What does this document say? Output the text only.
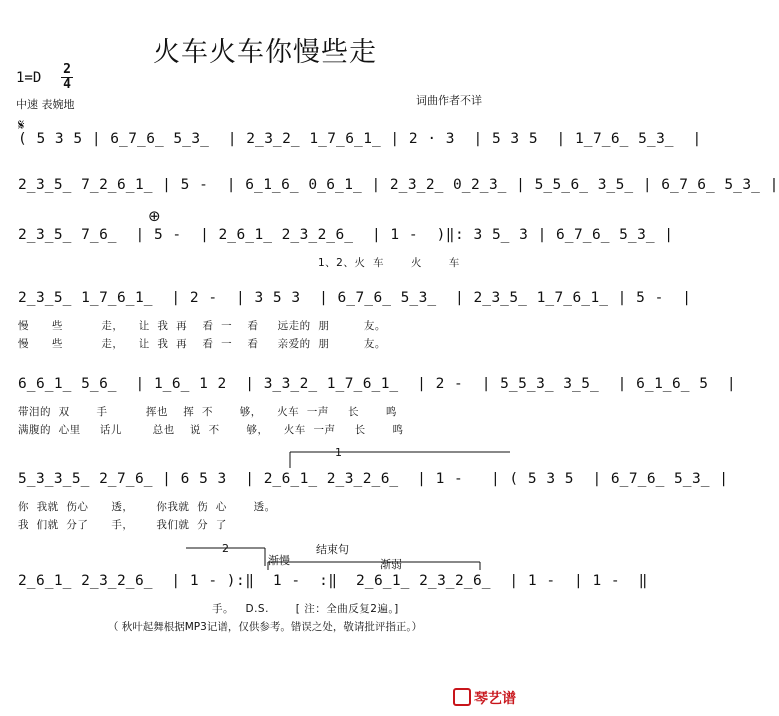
火车火车你慢些走
1=D
2
4
中速 表婉地	词曲作者不详
𝄋
( 5 3 5 | 6̲7̲6̲ 5̲3̲  | 2̲3̲2̲ 1̲7̲6̲1̲ | 2 · 3  | 5 3 5  | 1̲7̲6̲ 5̲3̲  |
2̲3̲5̲ 7̲2̲6̲1̲ | 5 -  | 6̲1̲6̲ 0̲6̲1̲ | 2̲3̲2̲ 0̲2̲3̲ | 5̲5̲6̲ 3̲5̲ | 6̲7̲6̲ 5̲3̲ |
⊕
2̲3̲5̲ 7̲6̲  | 5 -  | 2̲6̲1̲ 2̲3̲2̲6̲  | 1 -  )‖: 3 5̲ 3 | 6̲7̲6̲ 5̲3̲ |
1、2、火  车       火       车
2̲3̲5̲ 1̲7̲6̲1̲  | 2 -  | 3 5 3  | 6̲7̲6̲ 5̲3̲  | 2̲3̲5̲ 1̲7̲6̲1̲ | 5 -  |
慢      些          走，    让  我  再    看  一    看     远走的  朋         友。
慢      些          走，    让  我  再    看  一    看     亲爱的  朋         友。
6̲6̲1̲ 5̲6̲  | 1̲6̲ 1 2  | 3̲3̲2̲ 1̲7̲6̲1̲  | 2 -  | 5̲5̲3̲ 3̲5̲  | 6̲1̲6̲ 5  |
带泪的  双       手          挥也    挥  不       够，    火车  一声     长       鸣
满腹的  心里     话儿        总也    说  不       够，    火车  一声     长       鸣
5̲3̲3̲5̲ 2̲7̲6̲ | 6 5 3  | 2̲6̲1̲ 2̲3̲2̲6̲  | 1 -   | ( 5 3 5  | 6̲7̲6̲ 5̲3̲ |
你  我就  伤心      透，      你我就  伤  心       透。
我  们就  分了      手，      我们就  分  了
2
1
渐慢
结束句
渐弱
2̲6̲1̲ 2̲3̲2̲6̲  | 1 - ):‖  1 -  :‖  2̲6̲1̲ 2̲3̲2̲6̲  | 1 -  | 1 -  ‖
手。   D.S.       [ 注：全曲反复2遍。]
（ 秋叶起舞根据MP3记谱，仅供参考。错误之处，敬请批评指正。）
琴艺谱
